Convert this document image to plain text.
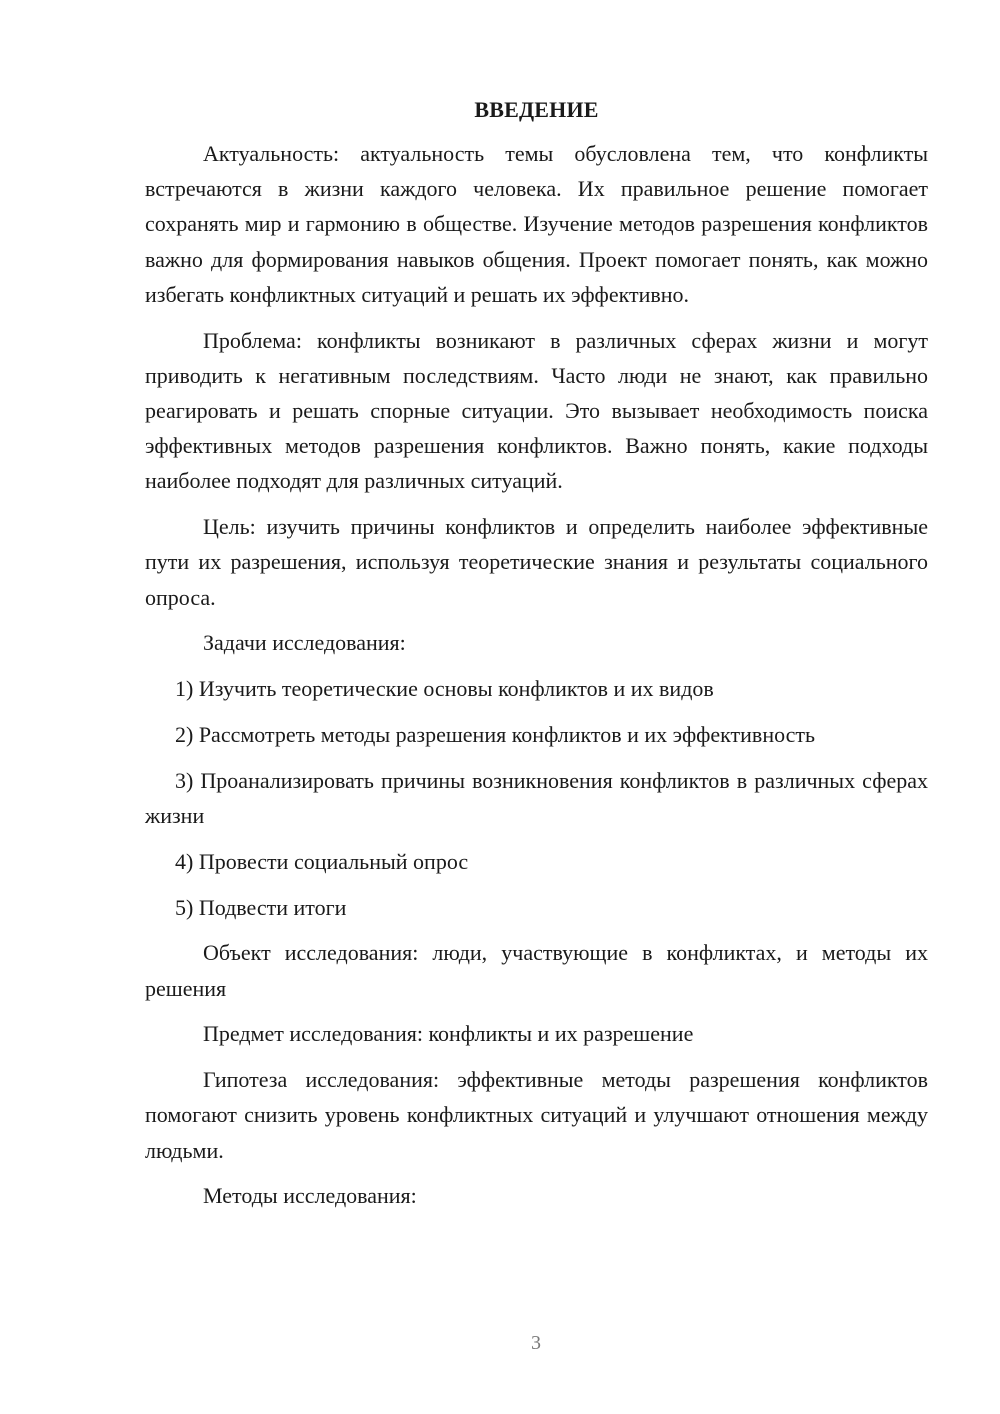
ВВЕДЕНИЕ

Актуальность: актуальность темы обусловлена тем, что конфликты встречаются в жизни каждого человека. Их правильное решение помогает сохранять мир и гармонию в обществе. Изучение методов разрешения конфликтов важно для формирования навыков общения. Проект помогает понять, как можно избегать конфликтных ситуаций и решать их эффективно.

Проблема: конфликты возникают в различных сферах жизни и могут приводить к негативным последствиям. Часто люди не знают, как правильно реагировать и решать спорные ситуации. Это вызывает необходимость поиска эффективных методов разрешения конфликтов. Важно понять, какие подходы наиболее подходят для различных ситуаций.

Цель: изучить причины конфликтов и определить наиболее эффективные пути их разрешения, используя теоретические знания и результаты социального опроса.

Задачи исследования:

1) Изучить теоретические основы конфликтов и их видов

2) Рассмотреть методы разрешения конфликтов и их эффективность

3) Проанализировать причины возникновения конфликтов в различных сферах жизни

4) Провести социальный опрос

5) Подвести итоги

Объект исследования: люди, участвующие в конфликтах, и методы их решения

Предмет исследования: конфликты и их разрешение

Гипотеза исследования: эффективные методы разрешения конфликтов помогают снизить уровень конфликтных ситуаций и улучшают отношения между людьми.

Методы исследования:

3
